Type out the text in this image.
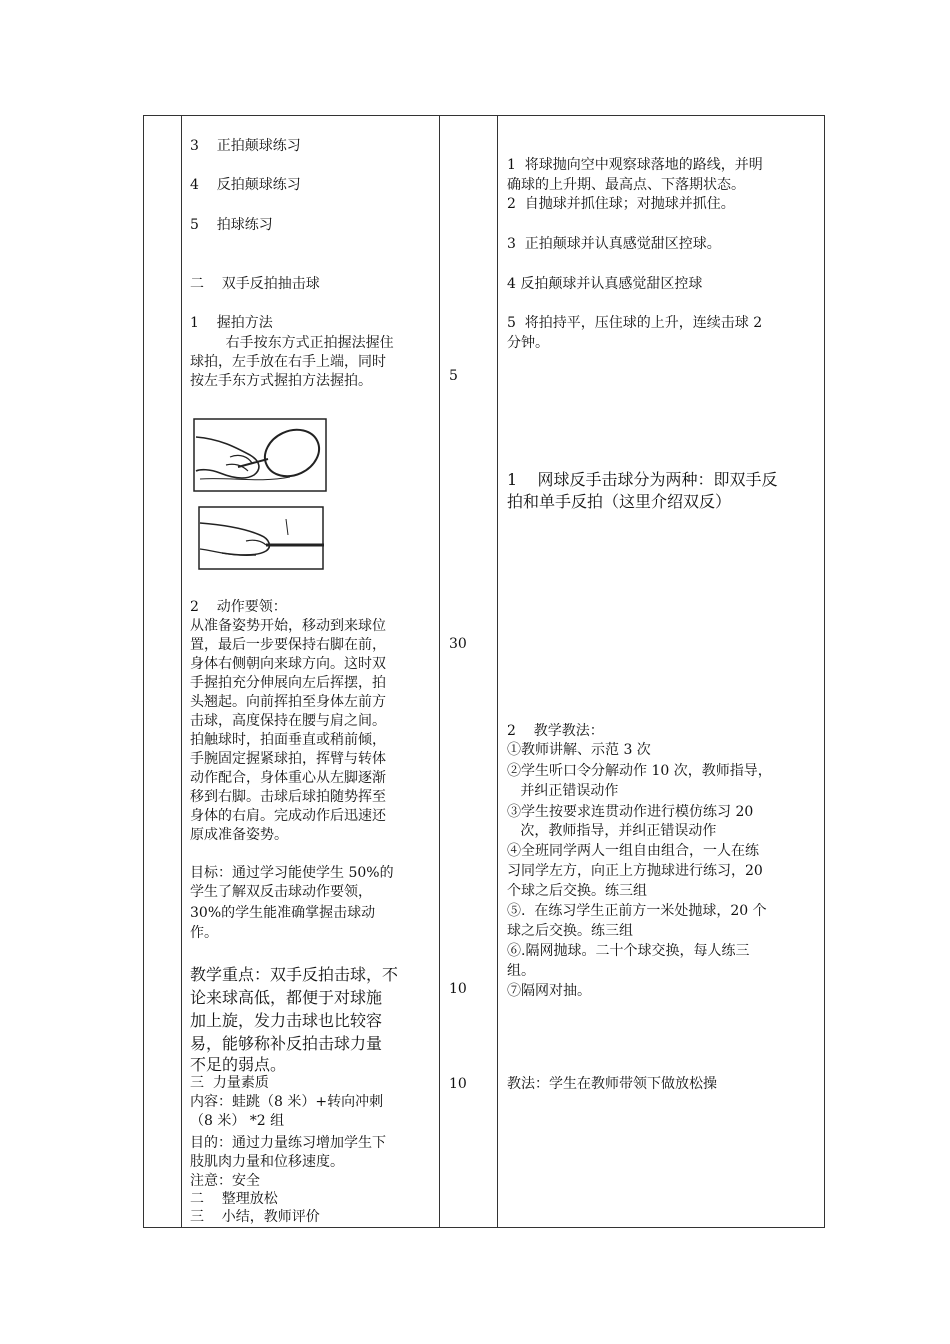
3    正拍颠球练习
4    反拍颠球练习
5    拍球练习
二    双手反拍抽击球
1    握拍方法
右手按东方式正拍握法握住
球拍，左手放在右手上端，同时
按左手东方式握拍方法握拍。
2    动作要领：
从准备姿势开始，移动到来球位
置，最后一步要保持右脚在前，
身体右侧朝向来球方向。这时双
手握拍充分伸展向左后挥摆，拍
头翘起。向前挥拍至身体左前方
击球，高度保持在腰与肩之间。
拍触球时，拍面垂直或稍前倾，
手腕固定握紧球拍，挥臂与转体
动作配合，身体重心从左脚逐渐
移到右脚。击球后球拍随势挥至
身体的右肩。完成动作后迅速还
原成准备姿势。
目标：通过学习能使学生 50%的
学生了解双反击球动作要领，
30%的学生能准确掌握击球动
作。
教学重点：双手反拍击球，不
论来球高低，都便于对球施
加上旋，发力击球也比较容
易，能够称补反拍击球力量
不足的弱点。
三  力量素质
内容：蛙跳（8 米）+转向冲刺
（8 米） *2 组
目的：通过力量练习增加学生下
肢肌肉力量和位移速度。
注意：安全
二    整理放松
三    小结，教师评价
5
30
10
10
1  将球抛向空中观察球落地的路线，并明
确球的上升期、最高点、下落期状态。
2  自抛球并抓住球；对抛球并抓住。
3  正拍颠球并认真感觉甜区控球。
4 反拍颠球并认真感觉甜区控球
5  将拍持平，压住球的上升，连续击球 2
分钟。
1    网球反手击球分为两种：即双手反
拍和单手反拍（这里介绍双反）
2    教学教法：
①教师讲解、示范 3 次
②学生听口令分解动作 10 次，教师指导，
并纠正错误动作
③学生按要求连贯动作进行模仿练习 20
次，教师指导，并纠正错误动作
④全班同学两人一组自由组合，一人在练
习同学左方，向正上方抛球进行练习，20
个球之后交换。练三组
⑤.  在练习学生正前方一米处抛球，20 个
球之后交换。练三组
⑥.隔网抛球。二十个球交换，每人练三
组。
⑦隔网对抽。
教法：学生在教师带领下做放松操
